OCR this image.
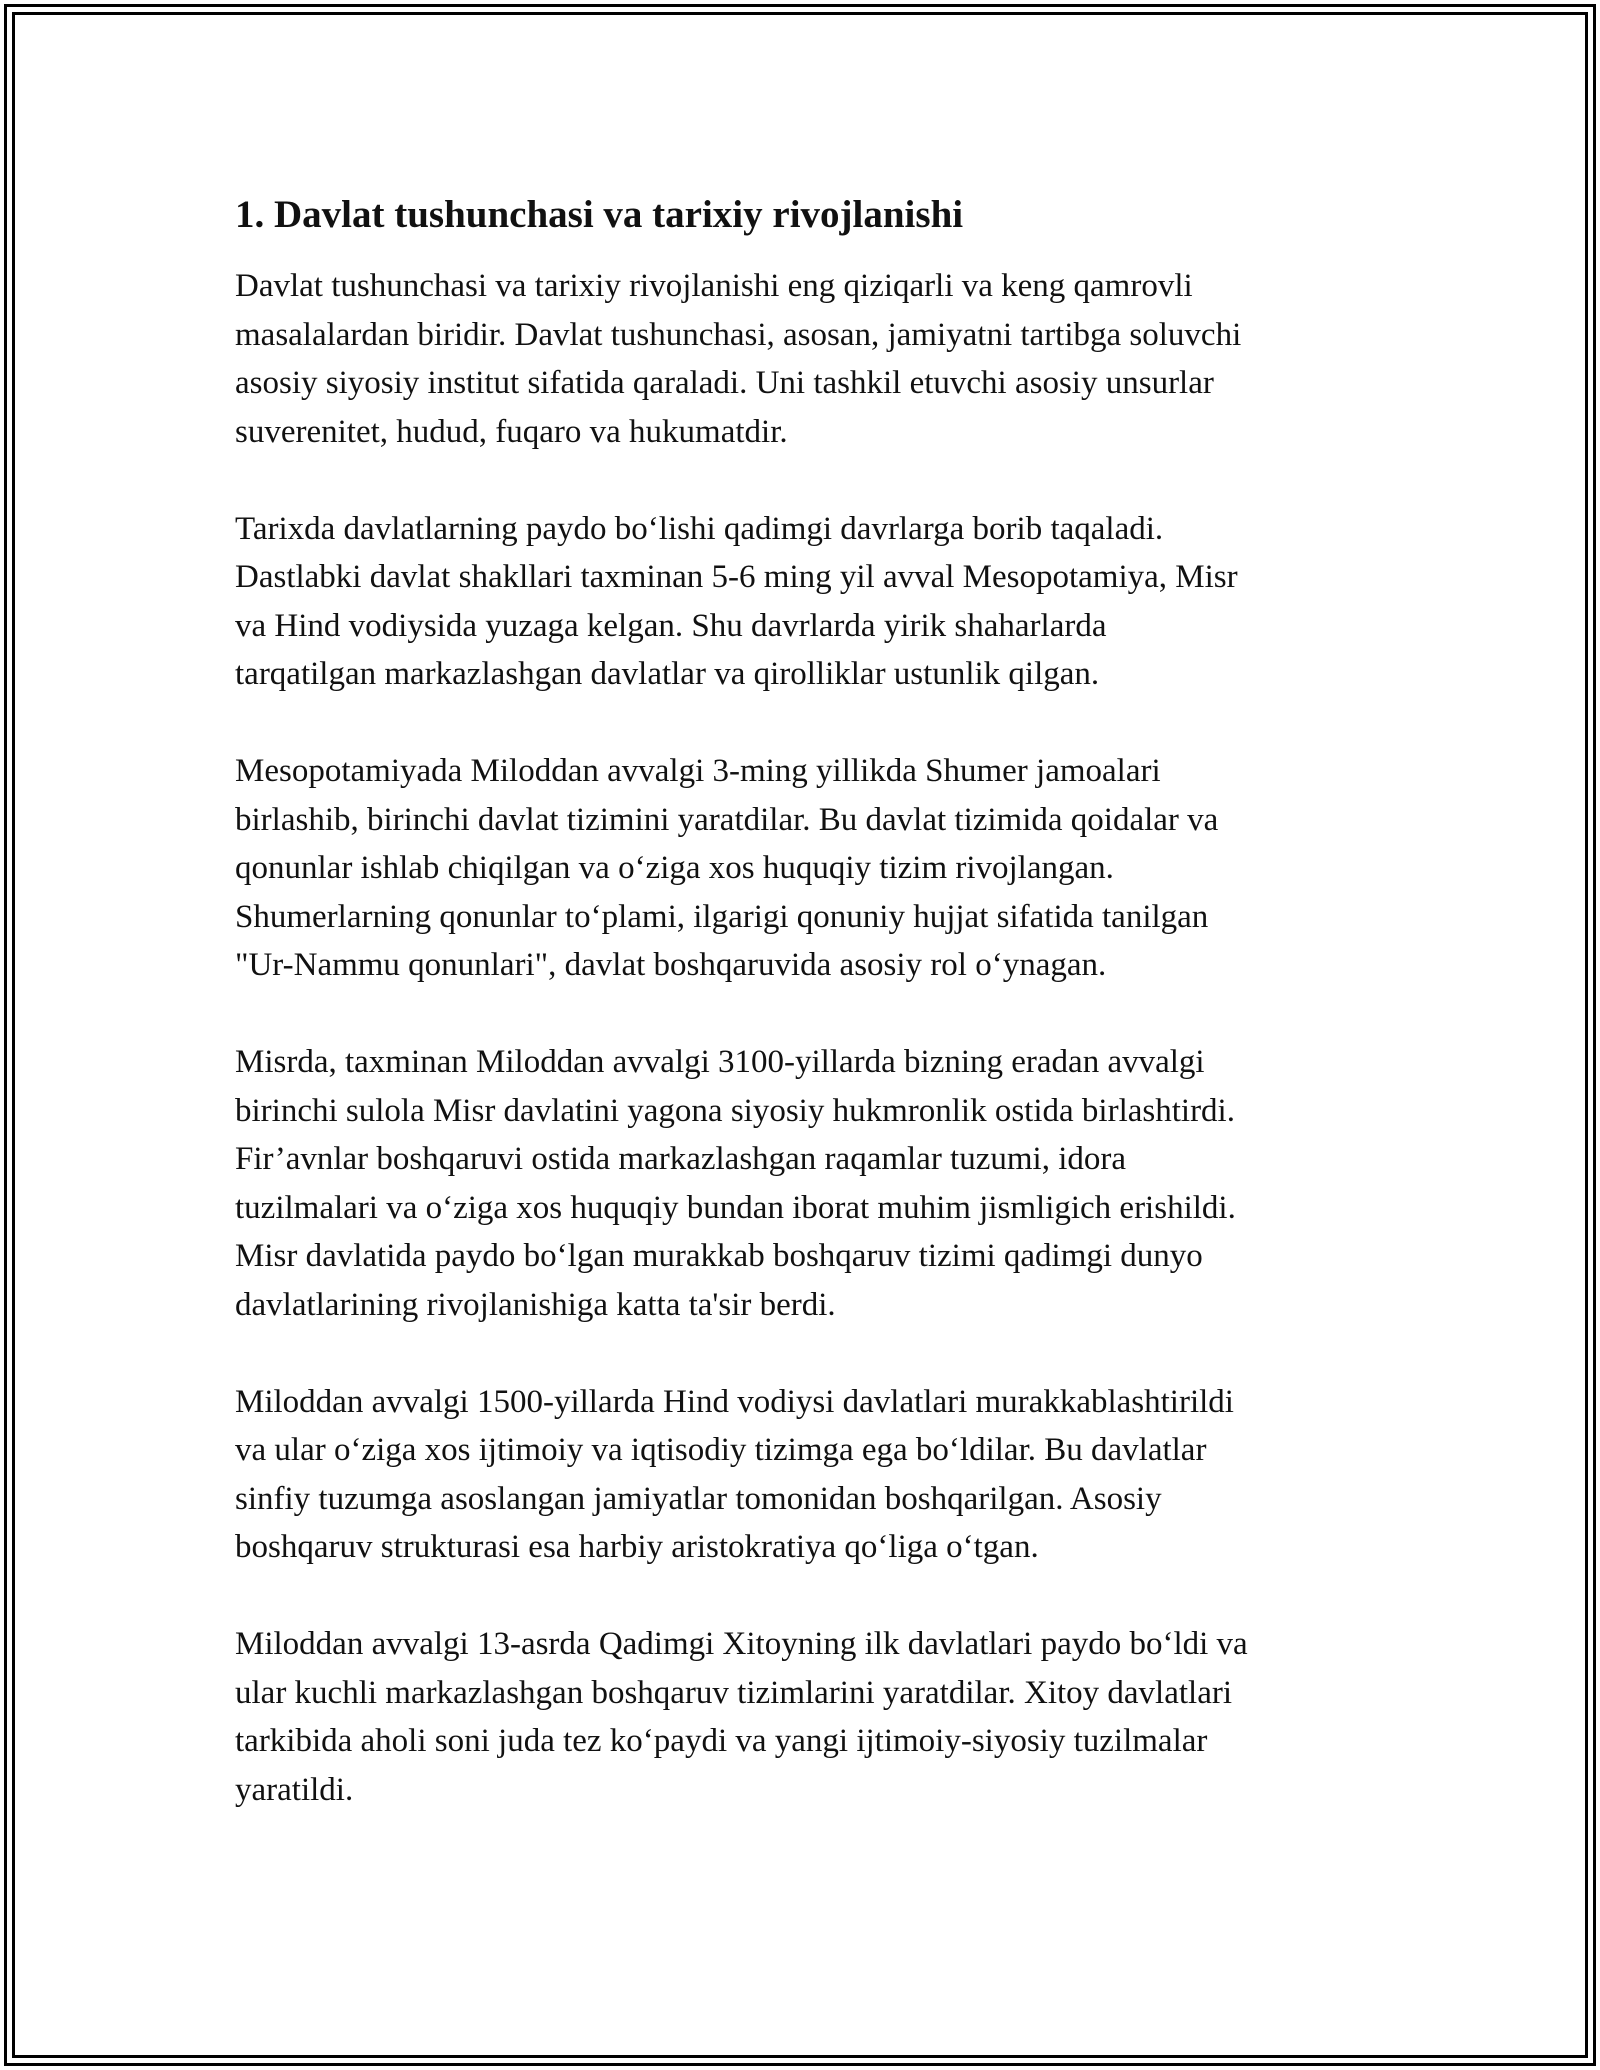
1. Davlat tushunchasi va tarixiy rivojlanishi

Davlat tushunchasi va tarixiy rivojlanishi eng qiziqarli va keng qamrovli
masalalardan biridir. Davlat tushunchasi, asosan, jamiyatni tartibga soluvchi
asosiy siyosiy institut sifatida qaraladi. Uni tashkil etuvchi asosiy unsurlar
suverenitet, hudud, fuqaro va hukumatdir.

Tarixda davlatlarning paydo boʻlishi qadimgi davrlarga borib taqaladi.
Dastlabki davlat shakllari taxminan 5-6 ming yil avval Mesopotamiya, Misr
va Hind vodiysida yuzaga kelgan. Shu davrlarda yirik shaharlarda
tarqatilgan markazlashgan davlatlar va qirolliklar ustunlik qilgan.

Mesopotamiyada Miloddan avvalgi 3-ming yillikda Shumer jamoalari
birlashib, birinchi davlat tizimini yaratdilar. Bu davlat tizimida qoidalar va
qonunlar ishlab chiqilgan va oʻziga xos huquqiy tizim rivojlangan.
Shumerlarning qonunlar toʻplami, ilgarigi qonuniy hujjat sifatida tanilgan
"Ur-Nammu qonunlari", davlat boshqaruvida asosiy rol oʻynagan.

Misrda, taxminan Miloddan avvalgi 3100-yillarda bizning eradan avvalgi
birinchi sulola Misr davlatini yagona siyosiy hukmronlik ostida birlashtirdi.
Fir’avnlar boshqaruvi ostida markazlashgan raqamlar tuzumi, idora
tuzilmalari va oʻziga xos huquqiy bundan iborat muhim jismligich erishildi.
Misr davlatida paydo boʻlgan murakkab boshqaruv tizimi qadimgi dunyo
davlatlarining rivojlanishiga katta ta'sir berdi.

Miloddan avvalgi 1500-yillarda Hind vodiysi davlatlari murakkablashtirildi
va ular oʻziga xos ijtimoiy va iqtisodiy tizimga ega boʻldilar. Bu davlatlar
sinfiy tuzumga asoslangan jamiyatlar tomonidan boshqarilgan. Asosiy
boshqaruv strukturasi esa harbiy aristokratiya qoʻliga oʻtgan.

Miloddan avvalgi 13-asrda Qadimgi Xitoyning ilk davlatlari paydo boʻldi va
ular kuchli markazlashgan boshqaruv tizimlarini yaratdilar. Xitoy davlatlari
tarkibida aholi soni juda tez koʻpaydi va yangi ijtimoiy-siyosiy tuzilmalar
yaratildi.
